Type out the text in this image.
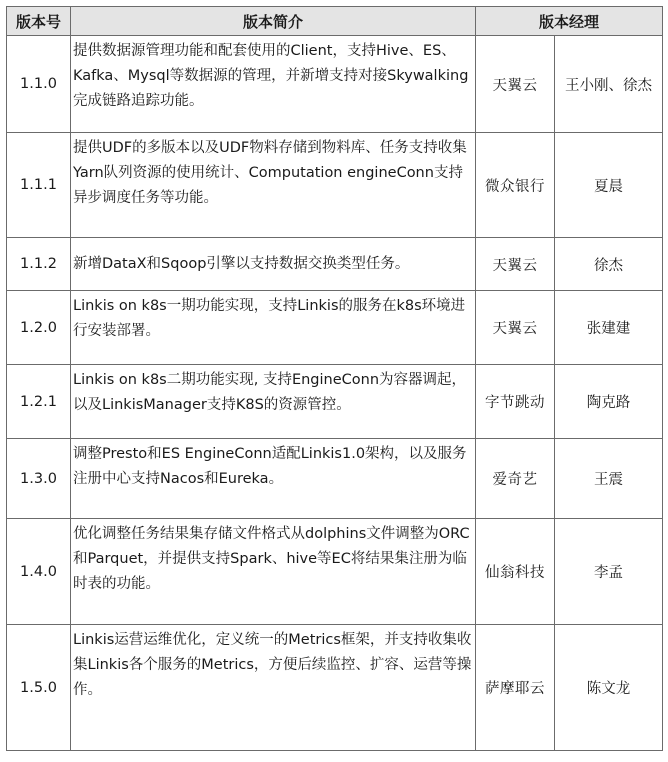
版本号	版本简介	版本经理	
1.1.0	提供数据源管理功能和配套使用的Client，支持Hive、ES、Kafka、Mysql等数据源的管理，并新增支持对接Skywalking完成链路追踪功能。	天翼云	王小刚、徐杰
1.1.1	提供UDF的多版本以及UDF物料存储到物料库、任务支持收集Yarn队列资源的使用统计、Computation engineConn支持异步调度任务等功能。	微众银行	夏晨
1.1.2	新增DataX和Sqoop引擎以支持数据交换类型任务。	天翼云	徐杰
1.2.0	Linkis on k8s一期功能实现，支持Linkis的服务在k8s环境进行安装部署。	天翼云	张建建
1.2.1	Linkis on k8s二期功能实现, 支持EngineConn为容器调起，以及LinkisManager支持K8S的资源管控。	字节跳动	陶克路
1.3.0	调整Presto和ES EngineConn适配Linkis1.0架构，以及服务注册中心支持Nacos和Eureka。	爱奇艺	王震
1.4.0	优化调整任务结果集存储文件格式从dolphins文件调整为ORC和Parquet，并提供支持Spark、hive等EC将结果集注册为临时表的功能。	仙翁科技	李孟
1.5.0	Linkis运营运维优化，定义统一的Metrics框架，并支持收集收集Linkis各个服务的Metrics，方便后续监控、扩容、运营等操作。	萨摩耶云	陈文龙
